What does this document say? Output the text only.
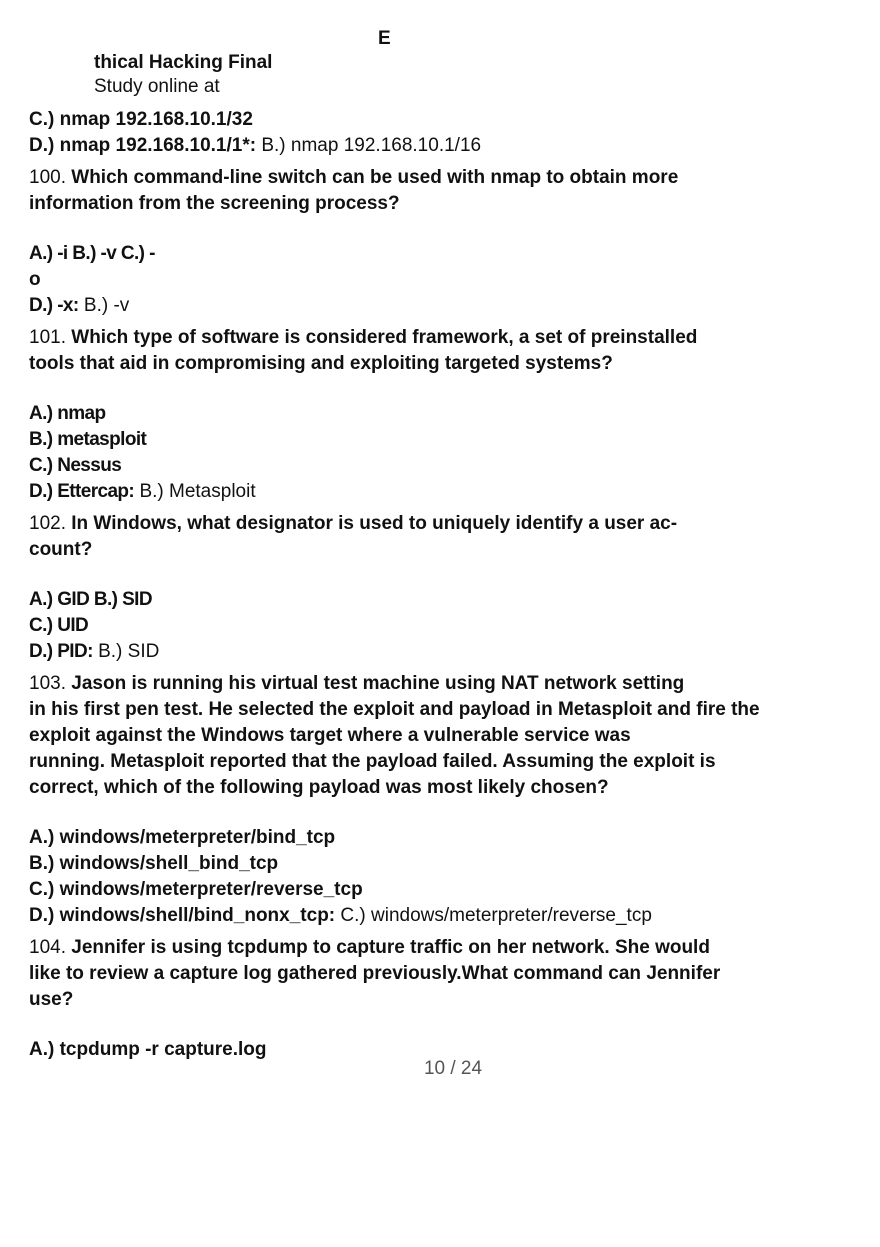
E
thical Hacking Final
Study online at
C.) nmap 192.168.10.1/32
D.) nmap 192.168.10.1/1*: B.) nmap 192.168.10.1/16
100. Which command-line switch can be used with nmap to obtain more
information from the screening process?
A.) -i B.) -v C.) -
o
D.) -x: B.) -v
101. Which type of software is considered framework, a set of preinstalled
tools that aid in compromising and exploiting targeted systems?
A.) nmap
B.) metasploit
C.) Nessus
D.) Ettercap: B.) Metasploit
102. In Windows, what designator is used to uniquely identify a user ac-
count?
A.) GID B.) SID
C.) UID
D.) PID: B.) SID
103. Jason is running his virtual test machine using NAT network setting
in his first pen test. He selected the exploit and payload in Metasploit and fire the
exploit against the Windows target where a vulnerable service was
running. Metasploit reported that the payload failed. Assuming the exploit is
correct, which of the following payload was most likely chosen?
A.) windows/meterpreter/bind_tcp
B.) windows/shell_bind_tcp
C.) windows/meterpreter/reverse_tcp
D.) windows/shell/bind_nonx_tcp: C.) windows/meterpreter/reverse_tcp
104. Jennifer is using tcpdump to capture traffic on her network. She would
like to review a capture log gathered previously.What command can Jennifer
use?
A.) tcpdump -r capture.log
10 / 24
